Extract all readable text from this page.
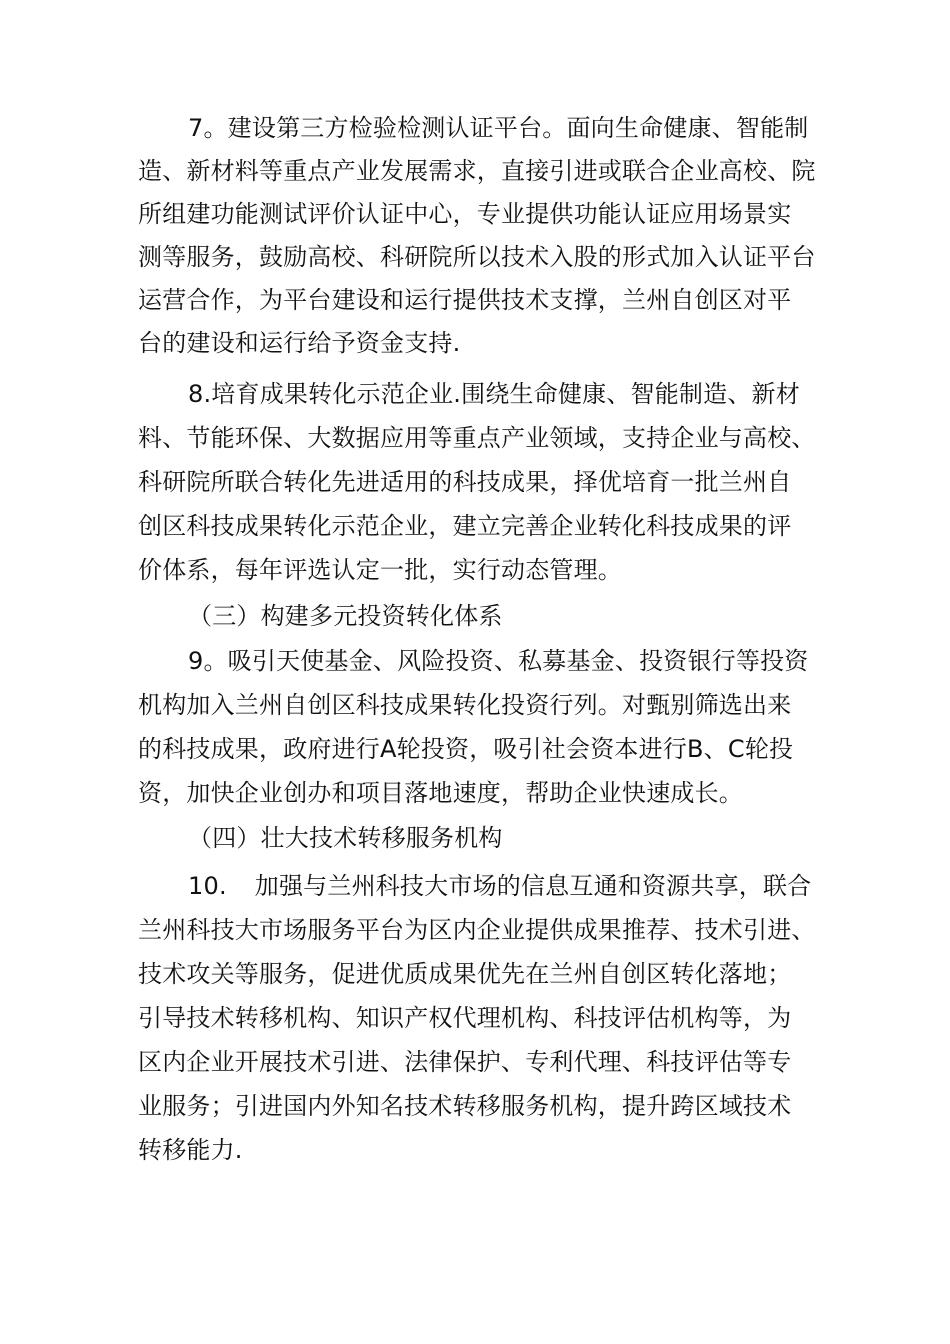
7。建设第三方检验检测认证平台。面向生命健康、智能制
造、新材料等重点产业发展需求，直接引进或联合企业高校、院
所组建功能测试评价认证中心，专业提供功能认证应用场景实
测等服务，鼓励高校、科研院所以技术入股的形式加入认证平台
运营合作，为平台建设和运行提供技术支撑，兰州自创区对平
台的建设和运行给予资金支持.
8.培育成果转化示范企业.围绕生命健康、智能制造、新材
料、节能环保、大数据应用等重点产业领域，支持企业与高校、
科研院所联合转化先进适用的科技成果，择优培育一批兰州自
创区科技成果转化示范企业，建立完善企业转化科技成果的评
价体系，每年评选认定一批，实行动态管理。
（三）构建多元投资转化体系
9。吸引天使基金、风险投资、私募基金、投资银行等投资
机构加入兰州自创区科技成果转化投资行列。对甄别筛选出来
的科技成果，政府进行A轮投资，吸引社会资本进行B、C轮投
资，加快企业创办和项目落地速度，帮助企业快速成长。
（四）壮大技术转移服务机构
10. 加强与兰州科技大市场的信息互通和资源共享，联合
兰州科技大市场服务平台为区内企业提供成果推荐、技术引进、
技术攻关等服务，促进优质成果优先在兰州自创区转化落地；
引导技术转移机构、知识产权代理机构、科技评估机构等，为
区内企业开展技术引进、法律保护、专利代理、科技评估等专
业服务；引进国内外知名技术转移服务机构，提升跨区域技术
转移能力.
